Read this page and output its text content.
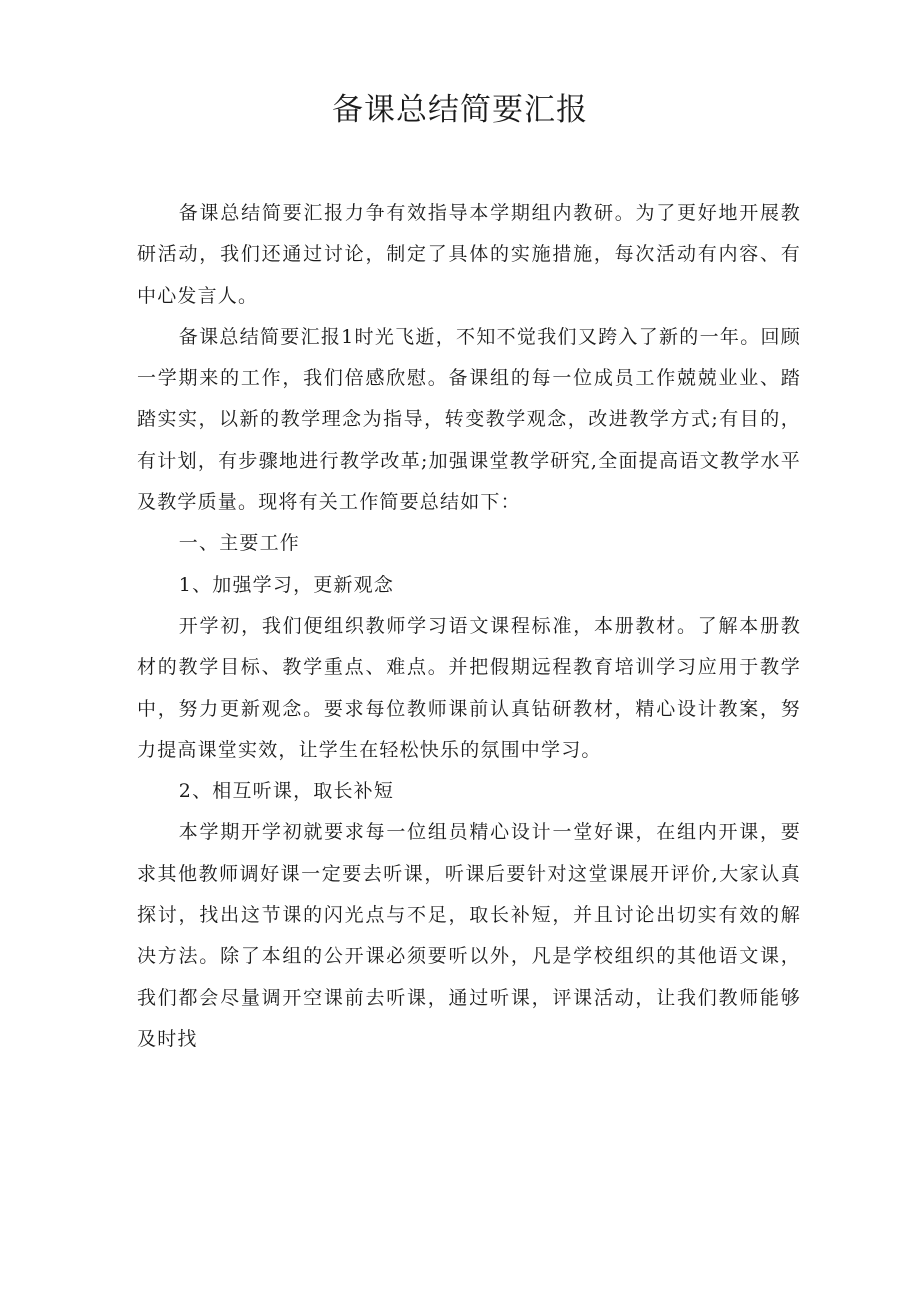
备课总结简要汇报

备课总结简要汇报力争有效指导本学期组内教研。为了更好地开展教研活动，我们还通过讨论，制定了具体的实施措施，每次活动有内容、有中心发言人。

备课总结简要汇报1时光飞逝，不知不觉我们又跨入了新的一年。回顾一学期来的工作，我们倍感欣慰。备课组的每一位成员工作兢兢业业、踏踏实实，以新的教学理念为指导，转变教学观念，改进教学方式;有目的，有计划，有步骤地进行教学改革;加强课堂教学研究,全面提高语文教学水平及教学质量。现将有关工作简要总结如下：

一、主要工作

1、加强学习，更新观念

开学初，我们便组织教师学习语文课程标准，本册教材。了解本册教材的教学目标、教学重点、难点。并把假期远程教育培训学习应用于教学中，努力更新观念。要求每位教师课前认真钻研教材，精心设计教案，努力提高课堂实效，让学生在轻松快乐的氛围中学习。

2、相互听课，取长补短

本学期开学初就要求每一位组员精心设计一堂好课，在组内开课，要求其他教师调好课一定要去听课，听课后要针对这堂课展开评价,大家认真探讨，找出这节课的闪光点与不足，取长补短，并且讨论出切实有效的解决方法。除了本组的公开课必须要听以外，凡是学校组织的其他语文课，我们都会尽量调开空课前去听课，通过听课，评课活动，让我们教师能够及时找
